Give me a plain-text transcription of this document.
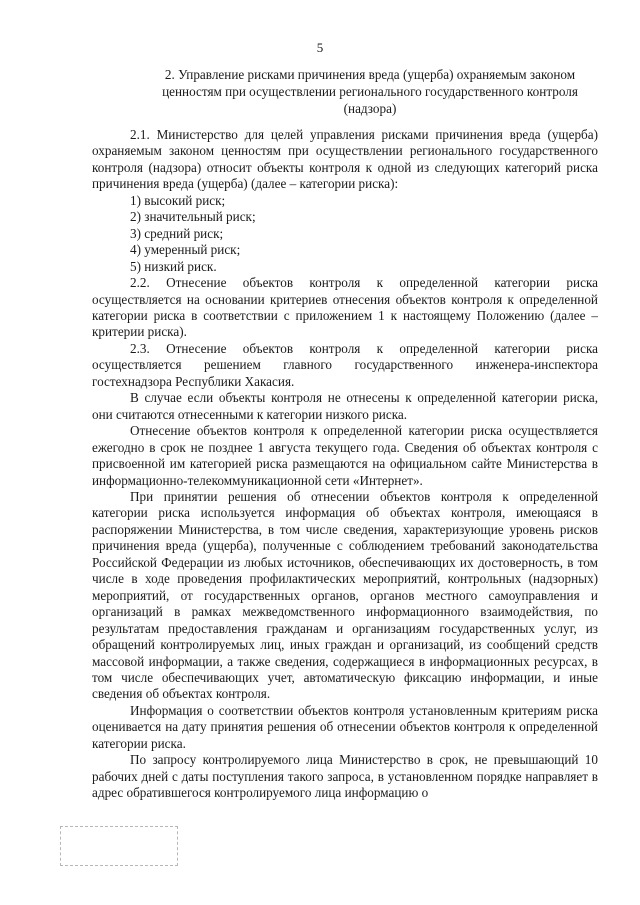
5
2. Управление рисками причинения вреда (ущерба) охраняемым законом ценностям при осуществлении регионального государственного контроля (надзора)

2.1. Министерство для целей управления рисками причинения вреда (ущерба) охраняемым законом ценностям при осуществлении регионального государственного контроля (надзора) относит объекты контроля к одной из следующих категорий риска причинения вреда (ущерба) (далее – категории риска):

1) высокий риск;

2) значительный риск;

3) средний риск;

4) умеренный риск;

5) низкий риск.

2.2. Отнесение объектов контроля к определенной категории риска осуществляется на основании критериев отнесения объектов контроля к определенной категории риска в соответствии с приложением 1 к настоящему Положению (далее – критерии риска).

2.3. Отнесение объектов контроля к определенной категории риска осуществляется решением главного государственного инженера-инспектора гостехнадзора Республики Хакасия.

В случае если объекты контроля не отнесены к определенной категории риска, они считаются отнесенными к категории низкого риска.

Отнесение объектов контроля к определенной категории риска осуществляется ежегодно в срок не позднее 1 августа текущего года. Сведения об объектах контроля с присвоенной им категорией риска размещаются на официальном сайте Министерства в информационно-телекоммуникационной сети «Интернет».

При принятии решения об отнесении объектов контроля к определенной категории риска используется информация об объектах контроля, имеющаяся в распоряжении Министерства, в том числе сведения, характеризующие уровень рисков причинения вреда (ущерба), полученные с соблюдением требований законодательства Российской Федерации из любых источников, обеспечивающих их достоверность, в том числе в ходе проведения профилактических мероприятий, контрольных (надзорных) мероприятий, от государственных органов, органов местного самоуправления и организаций в рамках межведомственного информационного взаимодействия, по результатам предоставления гражданам и организациям государственных услуг, из обращений контролируемых лиц, иных граждан и организаций, из сообщений средств массовой информации, а также сведения, содержащиеся в информационных ресурсах, в том числе обеспечивающих учет, автоматическую фиксацию информации, и иные сведения об объектах контроля.

Информация о соответствии объектов контроля установленным критериям риска оценивается на дату принятия решения об отнесении объектов контроля к определенной категории риска.

По запросу контролируемого лица Министерство в срок, не превышающий 10 рабочих дней с даты поступления такого запроса, в установленном порядке направляет в адрес обратившегося контролируемого лица информацию о
